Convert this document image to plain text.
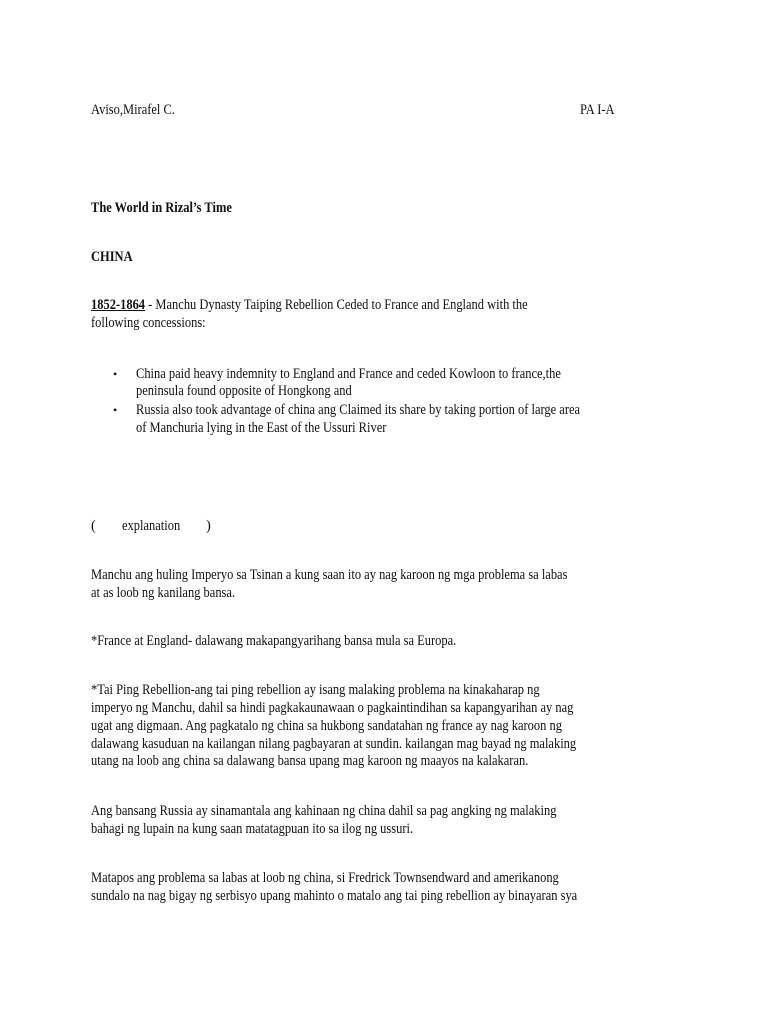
Aviso,Mirafel C.	PA I-A
The World in Rizal’s Time
CHINA
1852-1864 - Manchu Dynasty Taiping Rebellion Ceded to France and England with the
following concessions:
• China paid heavy indemnity to England and France and ceded Kowloon to france,the
peninsula found opposite of Hongkong and
• Russia also took advantage of china ang Claimed its share by taking portion of large area
of Manchuria lying in the East of the Ussuri River
( explanation	)
Manchu ang huling Imperyo sa Tsinan a kung saan ito ay nag karoon ng mga problema sa labas
at as loob ng kanilang bansa.
*France at England- dalawang makapangyarihang bansa mula sa Europa.
*Tai Ping Rebellion-ang tai ping rebellion ay isang malaking problema na kinakaharap ng
imperyo ng Manchu, dahil sa hindi pagkakaunawaan o pagkaintindihan sa kapangyarihan ay nag
ugat ang digmaan. Ang pagkatalo ng china sa hukbong sandatahan ng france ay nag karoon ng
dalawang kasuduan na kailangan nilang pagbayaran at sundin. kailangan mag bayad ng malaking
utang na loob ang china sa dalawang bansa upang mag karoon ng maayos na kalakaran.
Ang bansang Russia ay sinamantala ang kahinaan ng china dahil sa pag angking ng malaking
bahagi ng lupain na kung saan matatagpuan ito sa ilog ng ussuri.
Matapos ang problema sa labas at loob ng china, si Fredrick Townsendward and amerikanong
sundalo na nag bigay ng serbisyo upang mahinto o matalo ang tai ping rebellion ay binayaran sya
